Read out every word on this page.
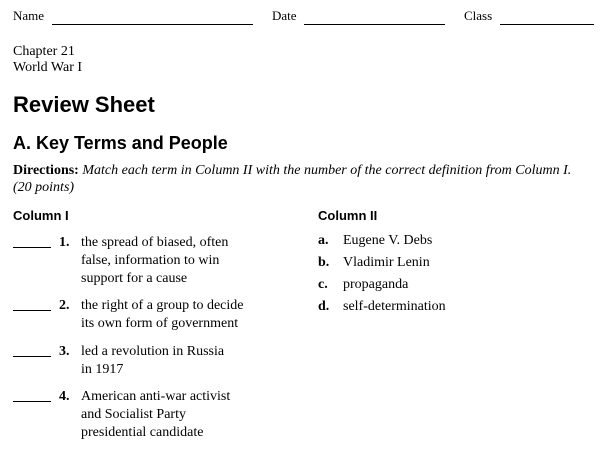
Name	Date	Class
Chapter 21
World War I
Review Sheet
A. Key Terms and People
Directions: Match each term in Column II with the number of the correct definition from Column I. (20 points)
Column I	Column II
1. the spread of biased, often
false, information to win
support for a cause
2. the right of a group to decide
its own form of government
3. led a revolution in Russia
in 1917
4. American anti-war activist
and Socialist Party
presidential candidate
a. Eugene V. Debs
b. Vladimir Lenin
c. propaganda
d. self-determination
